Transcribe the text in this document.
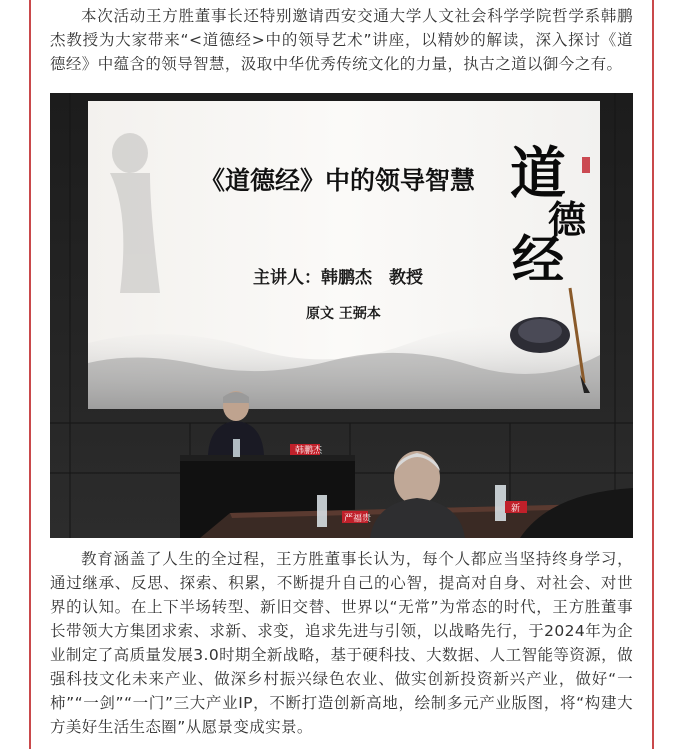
本次活动王方胜董事长还特别邀请西安交通大学人文社会科学学院哲学系韩鹏杰教授为大家带来“<道德经>中的领导艺术”讲座，以精妙的解读，深入探讨《道德经》中蕴含的领导智慧，汲取中华优秀传统文化的力量，执古之道以御今之有。

《道德经》中的领导智慧
主讲人：韩鹏杰　教授
原文 王弼本
道
德
经
韩鹏杰
严福贵
新

教育涵盖了人生的全过程，王方胜董事长认为，每个人都应当坚持终身学习，通过继承、反思、探索、积累，不断提升自己的心智，提高对自身、对社会、对世界的认知。在上下半场转型、新旧交替、世界以“无常”为常态的时代，王方胜董事长带领大方集团求索、求新、求变，追求先进与引领，以战略先行，于2024年为企业制定了高质量发展3.0时期全新战略，基于硬科技、大数据、人工智能等资源，做强科技文化未来产业、做深乡村振兴绿色农业、做实创新投资新兴产业，做好“一柿”“一剑”“一门”三大产业IP，不断打造创新高地，绘制多元产业版图，将“构建大方美好生活生态圈”从愿景变成实景。
